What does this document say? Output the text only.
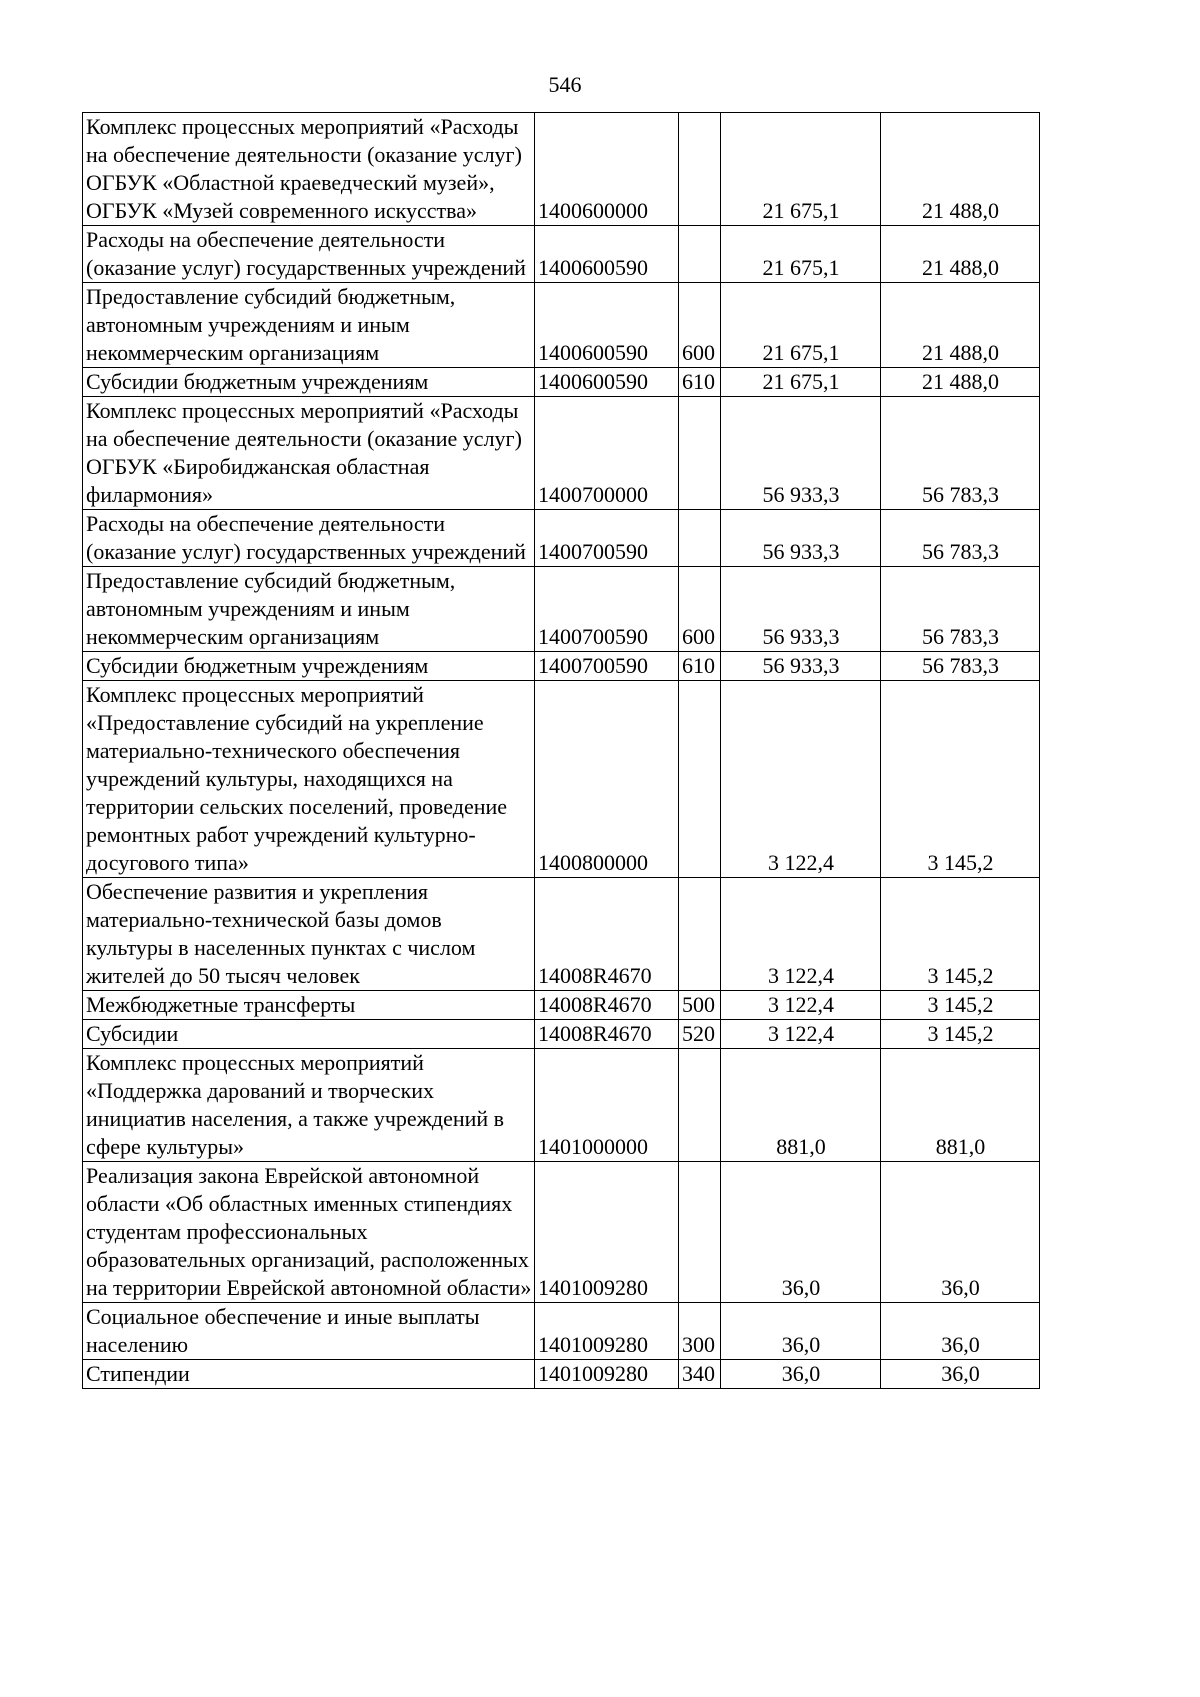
546
Комплекс процессных мероприятий «Расходы на обеспечение деятельности (оказание услуг) ОГБУК «Областной краеведческий музей», ОГБУК «Музей современного искусства»	1400600000		21 675,1	21 488,0
Расходы на обеспечение деятельности (оказание услуг) государственных учреждений	1400600590		21 675,1	21 488,0
Предоставление субсидий бюджетным, автономным учреждениям и иным некоммерческим организациям	1400600590	600	21 675,1	21 488,0
Субсидии бюджетным учреждениям	1400600590	610	21 675,1	21 488,0
Комплекс процессных мероприятий «Расходы на обеспечение деятельности (оказание услуг) ОГБУК «Биробиджанская областная филармония»	1400700000		56 933,3	56 783,3
Расходы на обеспечение деятельности (оказание услуг) государственных учреждений	1400700590		56 933,3	56 783,3
Предоставление субсидий бюджетным, автономным учреждениям и иным некоммерческим организациям	1400700590	600	56 933,3	56 783,3
Субсидии бюджетным учреждениям	1400700590	610	56 933,3	56 783,3
Комплекс процессных мероприятий «Предоставление субсидий на укрепление материально-технического обеспечения учреждений культуры, находящихся на территории сельских поселений, проведение ремонтных работ учреждений культурно-досугового типа»	1400800000		3 122,4	3 145,2
Обеспечение развития и укрепления материально-технической базы домов культуры в населенных пунктах с числом жителей до 50 тысяч человек	14008R4670		3 122,4	3 145,2
Межбюджетные трансферты	14008R4670	500	3 122,4	3 145,2
Субсидии	14008R4670	520	3 122,4	3 145,2
Комплекс процессных мероприятий «Поддержка дарований и творческих инициатив населения, а также учреждений в сфере культуры»	1401000000		881,0	881,0
Реализация закона Еврейской автономной области «Об областных именных стипендиях студентам профессиональных образовательных организаций, расположенных на территории Еврейской автономной области»	1401009280		36,0	36,0
Социальное обеспечение и иные выплаты населению	1401009280	300	36,0	36,0
Стипендии	1401009280	340	36,0	36,0
